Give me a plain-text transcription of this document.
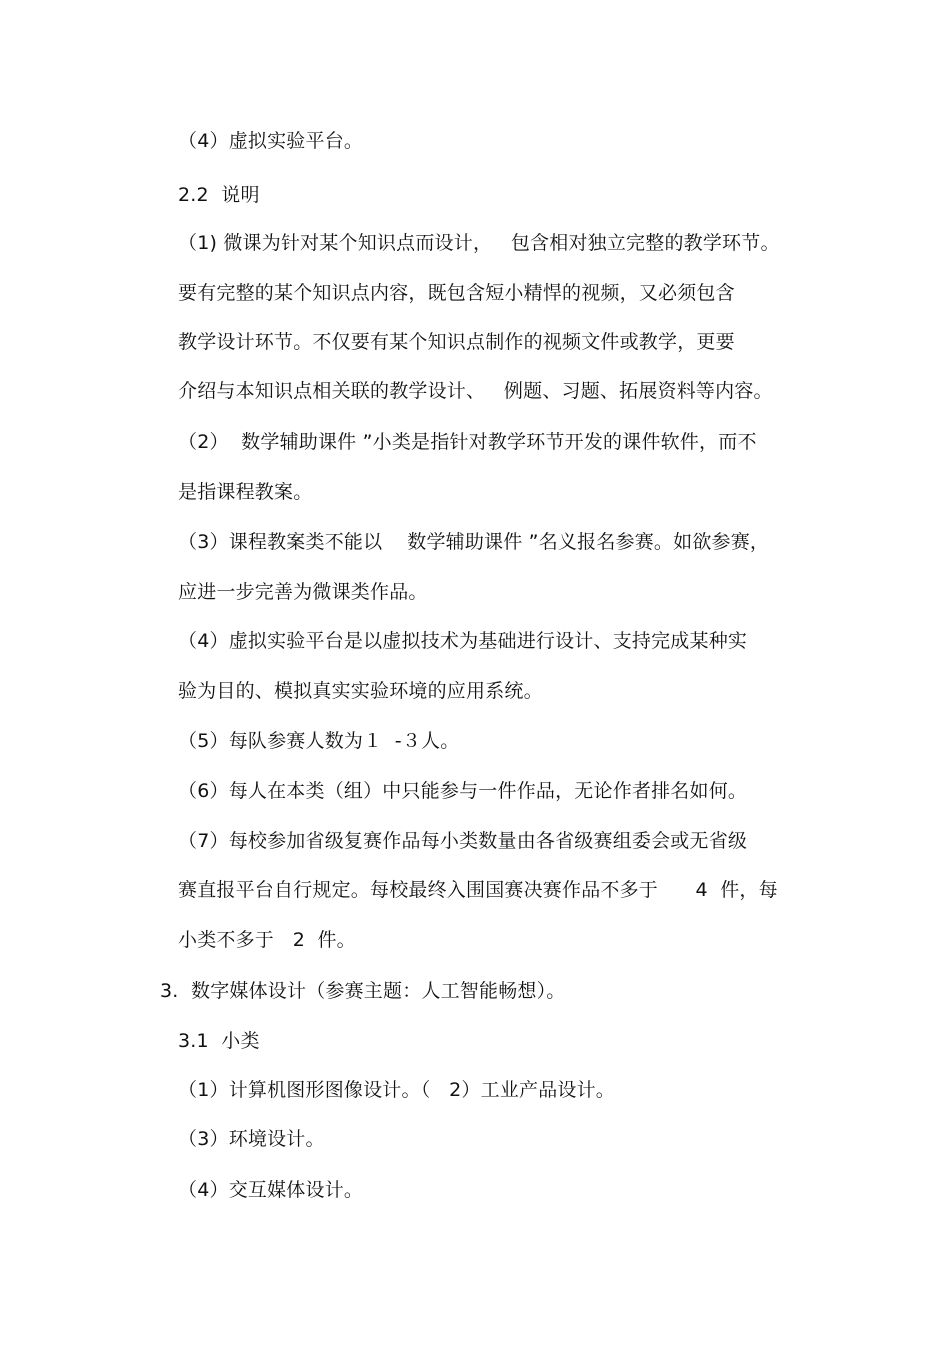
（4）虚拟实验平台。
2.2  说明
（1) 微课为针对某个知识点而设计，   包含相对独立完整的教学环节。
要有完整的某个知识点内容，既包含短小精悍的视频，又必须包含
教学设计环节。不仅要有某个知识点制作的视频文件或教学，更要
介绍与本知识点相关联的教学设计、   例题、习题、拓展资料等内容。
（2）  数学辅助课件 ”小类是指针对教学环节开发的课件软件，而不
是指课程教案。
（3）课程教案类不能以    数学辅助课件 ”名义报名参赛。如欲参赛，
应进一步完善为微课类作品。
（4）虚拟实验平台是以虚拟技术为基础进行设计、支持完成某种实
验为目的、模拟真实实验环境的应用系统。
（5）每队参赛人数为１  -３人。
（6）每人在本类（组）中只能参与一件作品，无论作者排名如何。
（7）每校参加省级复赛作品每小类数量由各省级赛组委会或无省级
赛直报平台自行规定。每校最终入围国赛决赛作品不多于      4  件，每
小类不多于   2  件。
3.  数字媒体设计（参赛主题：人工智能畅想）。
3.1  小类
（1）计算机图形图像设计。（   2）工业产品设计。
（3）环境设计。
（4）交互媒体设计。
